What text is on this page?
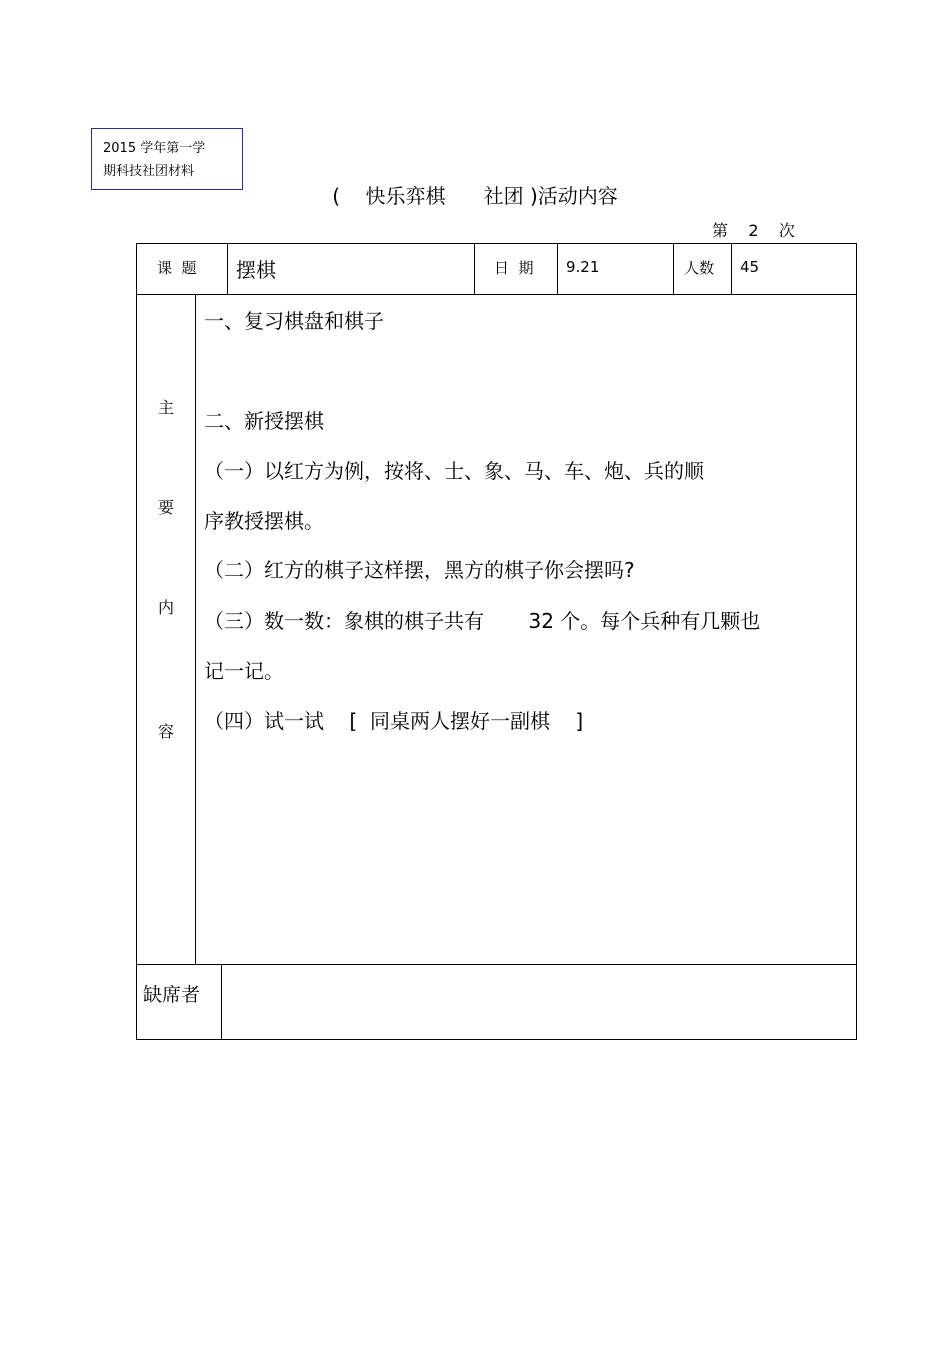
2015 学年第一学
期科技社团材料
(    快乐弈棋      社团 )活动内容
第    2    次
课  题 摆棋	日  期 9.21	人数 45
主
要
内
容
一、复习棋盘和棋子
二、新授摆棋
（一）以红方为例，按将、士、象、马、车、炮、兵的顺
序教授摆棋。
（二）红方的棋子这样摆，黑方的棋子你会摆吗?
（三）数一数：象棋的棋子共有       32 个。每个兵种有几颗也
记一记。
（四）试一试    [  同桌两人摆好一副棋    ]
缺席者
